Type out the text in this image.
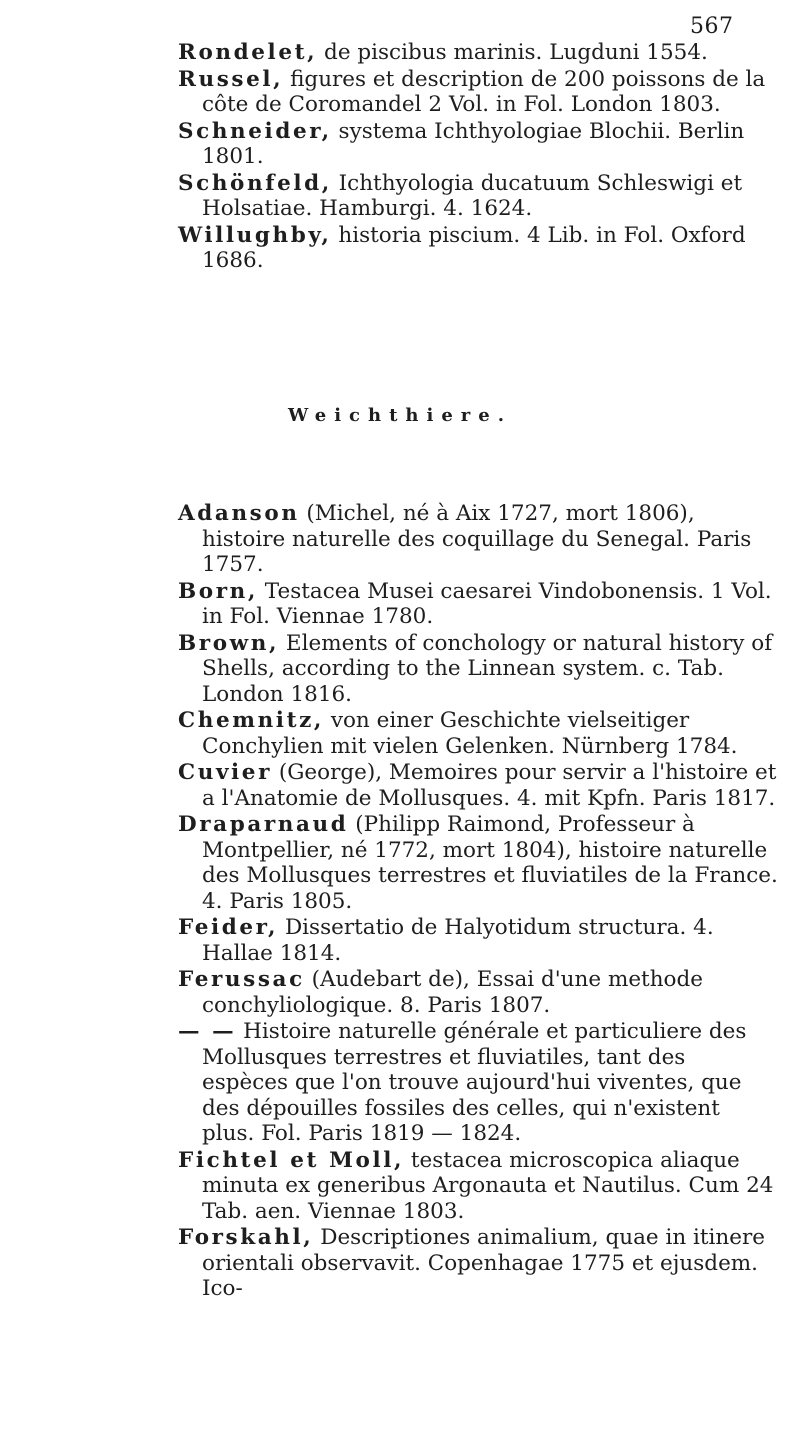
567

Rondelet, de piscibus marinis. Lugduni 1554.

Russel, figures et description de 200 poissons de la côte de Coromandel 2 Vol. in Fol. London 1803.

Schneider, systema Ichthyologiae Blochii. Berlin 1801.

Schönfeld, Ichthyologia ducatuum Schleswigi et Holsatiae. Hamburgi. 4. 1624.

Willughby, historia piscium. 4 Lib. in Fol. Oxford 1686.

Weichthiere.

Adanson (Michel, né à Aix 1727, mort 1806), histoire naturelle des coquillage du Senegal. Paris 1757.

Born, Testacea Musei caesarei Vindobonensis. 1 Vol. in Fol. Viennae 1780.

Brown, Elements of conchology or natural history of Shells, according to the Linnean system. c. Tab. London 1816.

Chemnitz, von einer Geschichte vielseitiger Conchylien mit vielen Gelenken. Nürnberg 1784.

Cuvier (George), Memoires pour servir a l'histoire et a l'Anatomie de Mollusques. 4. mit Kpfn. Paris 1817.

Draparnaud (Philipp Raimond, Professeur à Montpellier, né 1772, mort 1804), histoire naturelle des Mollusques terrestres et fluviatiles de la France. 4. Paris 1805.

Feider, Dissertatio de Halyotidum structura. 4. Hallae 1814.

Ferussac (Audebart de), Essai d'une methode conchyliologique. 8. Paris 1807.

— — Histoire naturelle générale et particuliere des Mollusques terrestres et fluviatiles, tant des espèces que l'on trouve aujourd'hui viventes, que des dépouilles fossiles des celles, qui n'existent plus. Fol. Paris 1819 — 1824.

Fichtel et Moll, testacea microscopica aliaque minuta ex generibus Argonauta et Nautilus. Cum 24 Tab. aen. Viennae 1803.

Forskahl, Descriptiones animalium, quae in itinere orientali observavit. Copenhagae 1775 et ejusdem. Ico-
